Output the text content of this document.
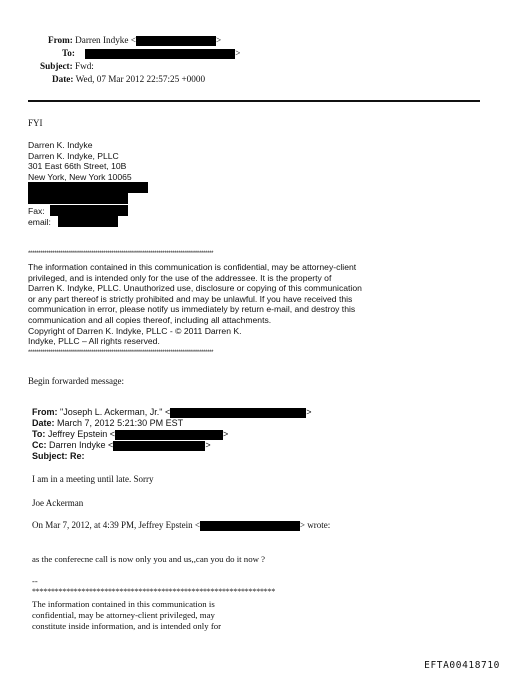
From: Darren Indyke <	>
To:	>
Subject: Fwd:
Date: Wed, 07 Mar 2012 22:57:25 +0000
FYI
Darren K. Indyke
Darren K. Indyke, PLLC
301 East 66th Street, 10B
New York, New York 10065
Fax:
email:
*******************************************************************************************
The information contained in this communication is confidential, may be attorney-client
privileged, and is intended only for the use of the addressee. It is the property of
Darren K. Indyke, PLLC. Unauthorized use, disclosure or copying of this communication
or any part thereof is strictly prohibited and may be unlawful. If you have received this
communication in error, please notify us immediately by return e-mail, and destroy this
communication and all copies thereof, including all attachments.
Copyright of Darren K. Indyke, PLLC - © 2011 Darren K.
Indyke, PLLC – All rights reserved.
*******************************************************************************************
Begin forwarded message:
From: "Joseph L. Ackerman, Jr." <	>
Date: March 7, 2012 5:21:30 PM EST
To: Jeffrey Epstein <	>
Cc: Darren Indyke <	>
Subject: Re:
I am in a meeting until late. Sorry
Joe Ackerman
On Mar 7, 2012, at 4:39 PM, Jeffrey Epstein <	> wrote:
as the conferecne call is now only you and us,,can you do it now ?
--
****************************************************************
The information contained in this communication is
confidential, may be attorney-client privileged, may
constitute inside information, and is intended only for
EFTA00418710
